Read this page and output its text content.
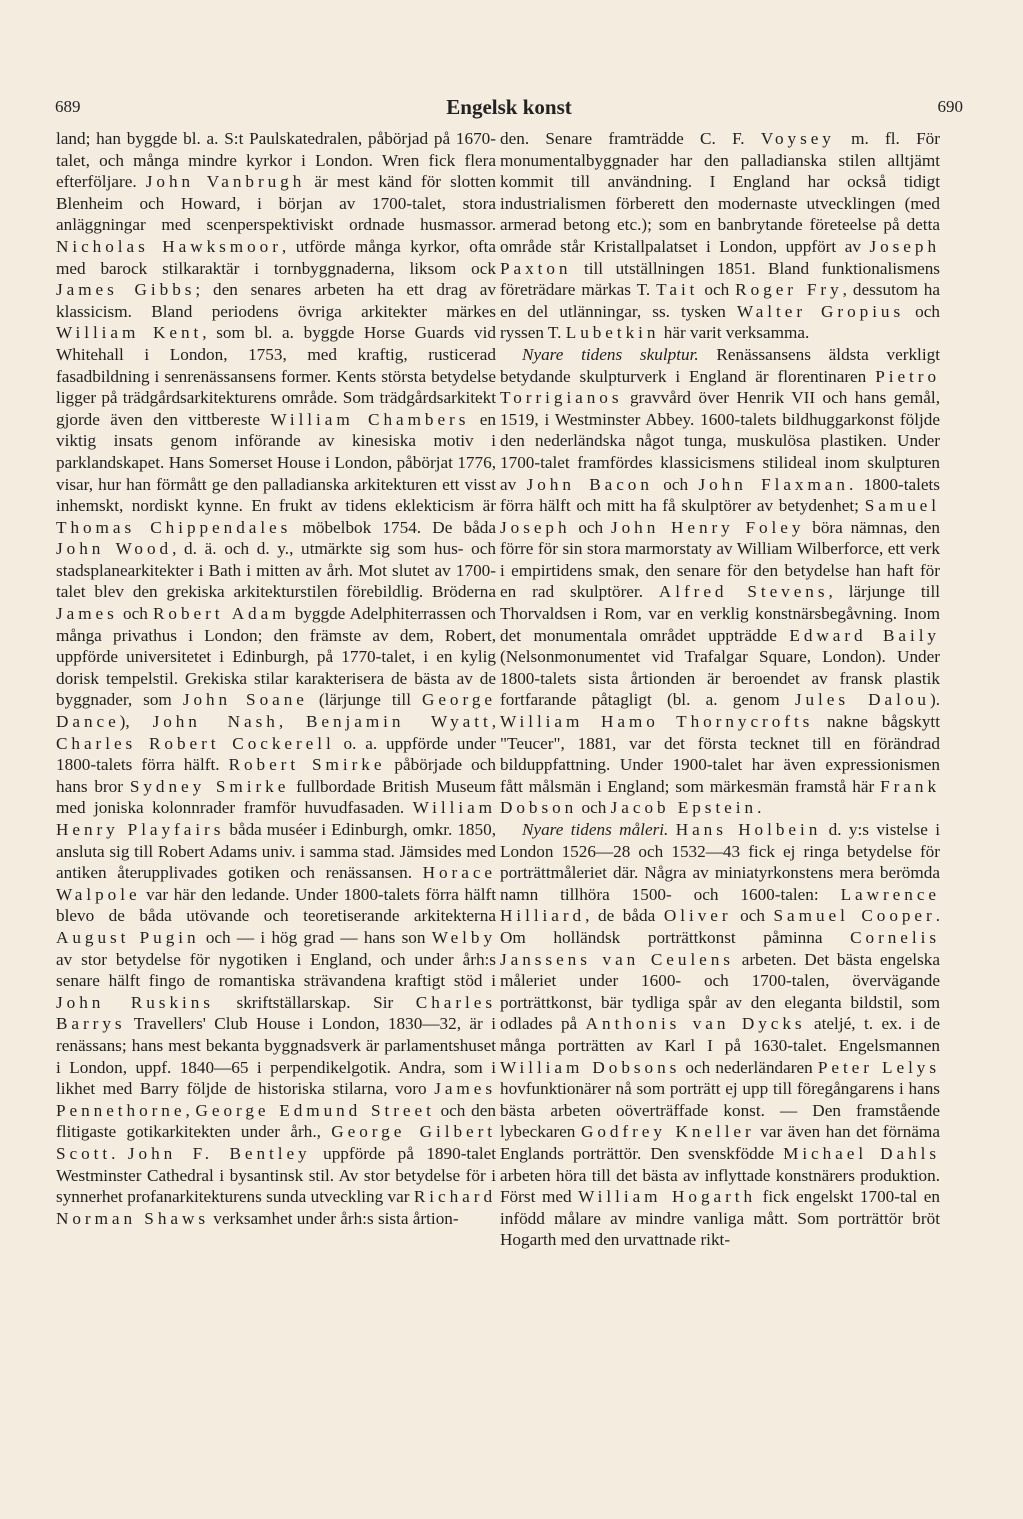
689	Engelsk konst	690

land; han byggde bl. a. S:t Paulskatedralen, påbörjad på 1670-talet, och många mindre kyrkor i London. Wren fick flera efterföljare. John Vanbrugh är mest känd för slotten Blenheim och Howard, i början av 1700-talet, stora anläggningar med scenperspektiviskt ordnade husmassor. Nicholas Hawksmoor, utförde många kyrkor, ofta med barock stilkaraktär i tornbyggnaderna, liksom ock James Gibbs; den senares arbeten ha ett drag av klassicism. Bland periodens övriga arkitekter märkes William Kent, som bl. a. byggde Horse Guards vid Whitehall i London, 1753, med kraftig, rusticerad fasadbildning i senrenässansens former. Kents största betydelse ligger på trädgårdsarkitekturens område. Som trädgårdsarkitekt gjorde även den vittbereste William Chambers en viktig insats genom införande av kinesiska motiv i parklandskapet. Hans Somerset House i London, påbörjat 1776, visar, hur han förmått ge den palladianska arkitekturen ett visst inhemskt, nordiskt kynne. En frukt av tidens eklekticism är Thomas Chippendales möbelbok 1754. De båda John Wood, d. ä. och d. y., utmärkte sig som hus- och stadsplanearkitekter i Bath i mitten av årh. Mot slutet av 1700-talet blev den grekiska arkitekturstilen förebildlig. Bröderna James och Robert Adam byggde Adelphiterrassen och många privathus i London; den främste av dem, Robert, uppförde universitetet i Edinburgh, på 1770-talet, i en kylig dorisk tempelstil. Grekiska stilar karakterisera de bästa av de byggnader, som John Soane (lärjunge till George Dance), John Nash, Benjamin Wyatt, Charles Robert Cockerell o. a. uppförde under 1800-talets förra hälft. Robert Smirke påbörjade och hans bror Sydney Smirke fullbordade British Museum med joniska kolonnrader framför huvudfasaden. William Henry Playfairs båda muséer i Edinburgh, omkr. 1850, ansluta sig till Robert Adams univ. i samma stad. Jämsides med antiken återupplivades gotiken och renässansen. Horace Walpole var här den ledande. Under 1800-talets förra hälft blevo de båda utövande och teoretiserande arkitekterna August Pugin och — i hög grad — hans son Welby av stor betydelse för nygotiken i England, och under årh:s senare hälft fingo de romantiska strävandena kraftigt stöd i John Ruskins skriftställarskap. Sir Charles Barrys Travellers' Club House i London, 1830—32, är i renässans; hans mest bekanta byggnadsverk är parlamentshuset i London, uppf. 1840—65 i perpendikelgotik. Andra, som i likhet med Barry följde de historiska stilarna, voro James Pennethorne, George Edmund Street och den flitigaste gotikarkitekten under årh., George Gilbert Scott. John F. Bentley uppförde på 1890-talet Westminster Cathedral i bysantinsk stil. Av stor betydelse för i synnerhet profanarkitekturens sunda utveckling var Richard Norman Shaws verksamhet under årh:s sista årtion-

den. Senare framträdde C. F. Voysey m. fl. För monumentalbyggnader har den palladianska stilen alltjämt kommit till användning. I England har också tidigt industrialismen förberett den modernaste utvecklingen (med armerad betong etc.); som en banbrytande företeelse på detta område står Kristallpalatset i London, uppfört av Joseph Paxton till utställningen 1851. Bland funktionalismens företrädare märkas T. Tait och Roger Fry, dessutom ha en del utlänningar, ss. tysken Walter Gropius och ryssen T. Lubetkin här varit verksamma.

Nyare tidens skulptur. Renässansens äldsta verkligt betydande skulpturverk i England är florentinaren Pietro Torrigianos gravvård över Henrik VII och hans gemål, 1519, i Westminster Abbey. 1600-talets bildhuggarkonst följde den nederländska något tunga, muskulösa plastiken. Under 1700-talet framfördes klassicismens stilideal inom skulpturen av John Bacon och John Flaxman. 1800-talets förra hälft och mitt ha få skulptörer av betydenhet; Samuel Joseph och John Henry Foley böra nämnas, den förre för sin stora marmorstaty av William Wilberforce, ett verk i empirtidens smak, den senare för den betydelse han haft för en rad skulptörer. Alfred Stevens, lärjunge till Thorvaldsen i Rom, var en verklig konstnärsbegåvning. Inom det monumentala området uppträdde Edward Baily (Nelsonmonumentet vid Trafalgar Square, London). Under 1800-talets sista årtionden är beroendet av fransk plastik fortfarande påtagligt (bl. a. genom Jules Dalou). William Hamo Thornycrofts nakne bågskytt "Teucer", 1881, var det första tecknet till en förändrad bilduppfattning. Under 1900-talet har även expressionismen fått målsmän i England; som märkesmän framstå här Frank Dobson och Jacob Epstein.

Nyare tidens måleri. Hans Holbein d. y:s vistelse i London 1526—28 och 1532—43 fick ej ringa betydelse för porträttmåleriet där. Några av miniatyrkonstens mera berömda namn tillhöra 1500- och 1600-talen: Lawrence Hilliard, de båda Oliver och Samuel Cooper. Om holländsk porträttkonst påminna Cornelis Janssens van Ceulens arbeten. Det bästa engelska måleriet under 1600- och 1700-talen, övervägande porträttkonst, bär tydliga spår av den eleganta bildstil, som odlades på Anthonis van Dycks ateljé, t. ex. i de många porträtten av Karl I på 1630-talet. Engelsmannen William Dobsons och nederländaren Peter Lelys hovfunktionärer nå som porträtt ej upp till föregångarens i hans bästa arbeten oöverträffade konst. — Den framstående lybeckaren Godfrey Kneller var även han det förnäma Englands porträttör. Den svenskfödde Michael Dahls arbeten höra till det bästa av inflyttade konstnärers produktion. Först med William Hogarth fick engelskt 1700-tal en infödd målare av mindre vanliga mått. Som porträttör bröt Hogarth med den urvattnade rikt-
